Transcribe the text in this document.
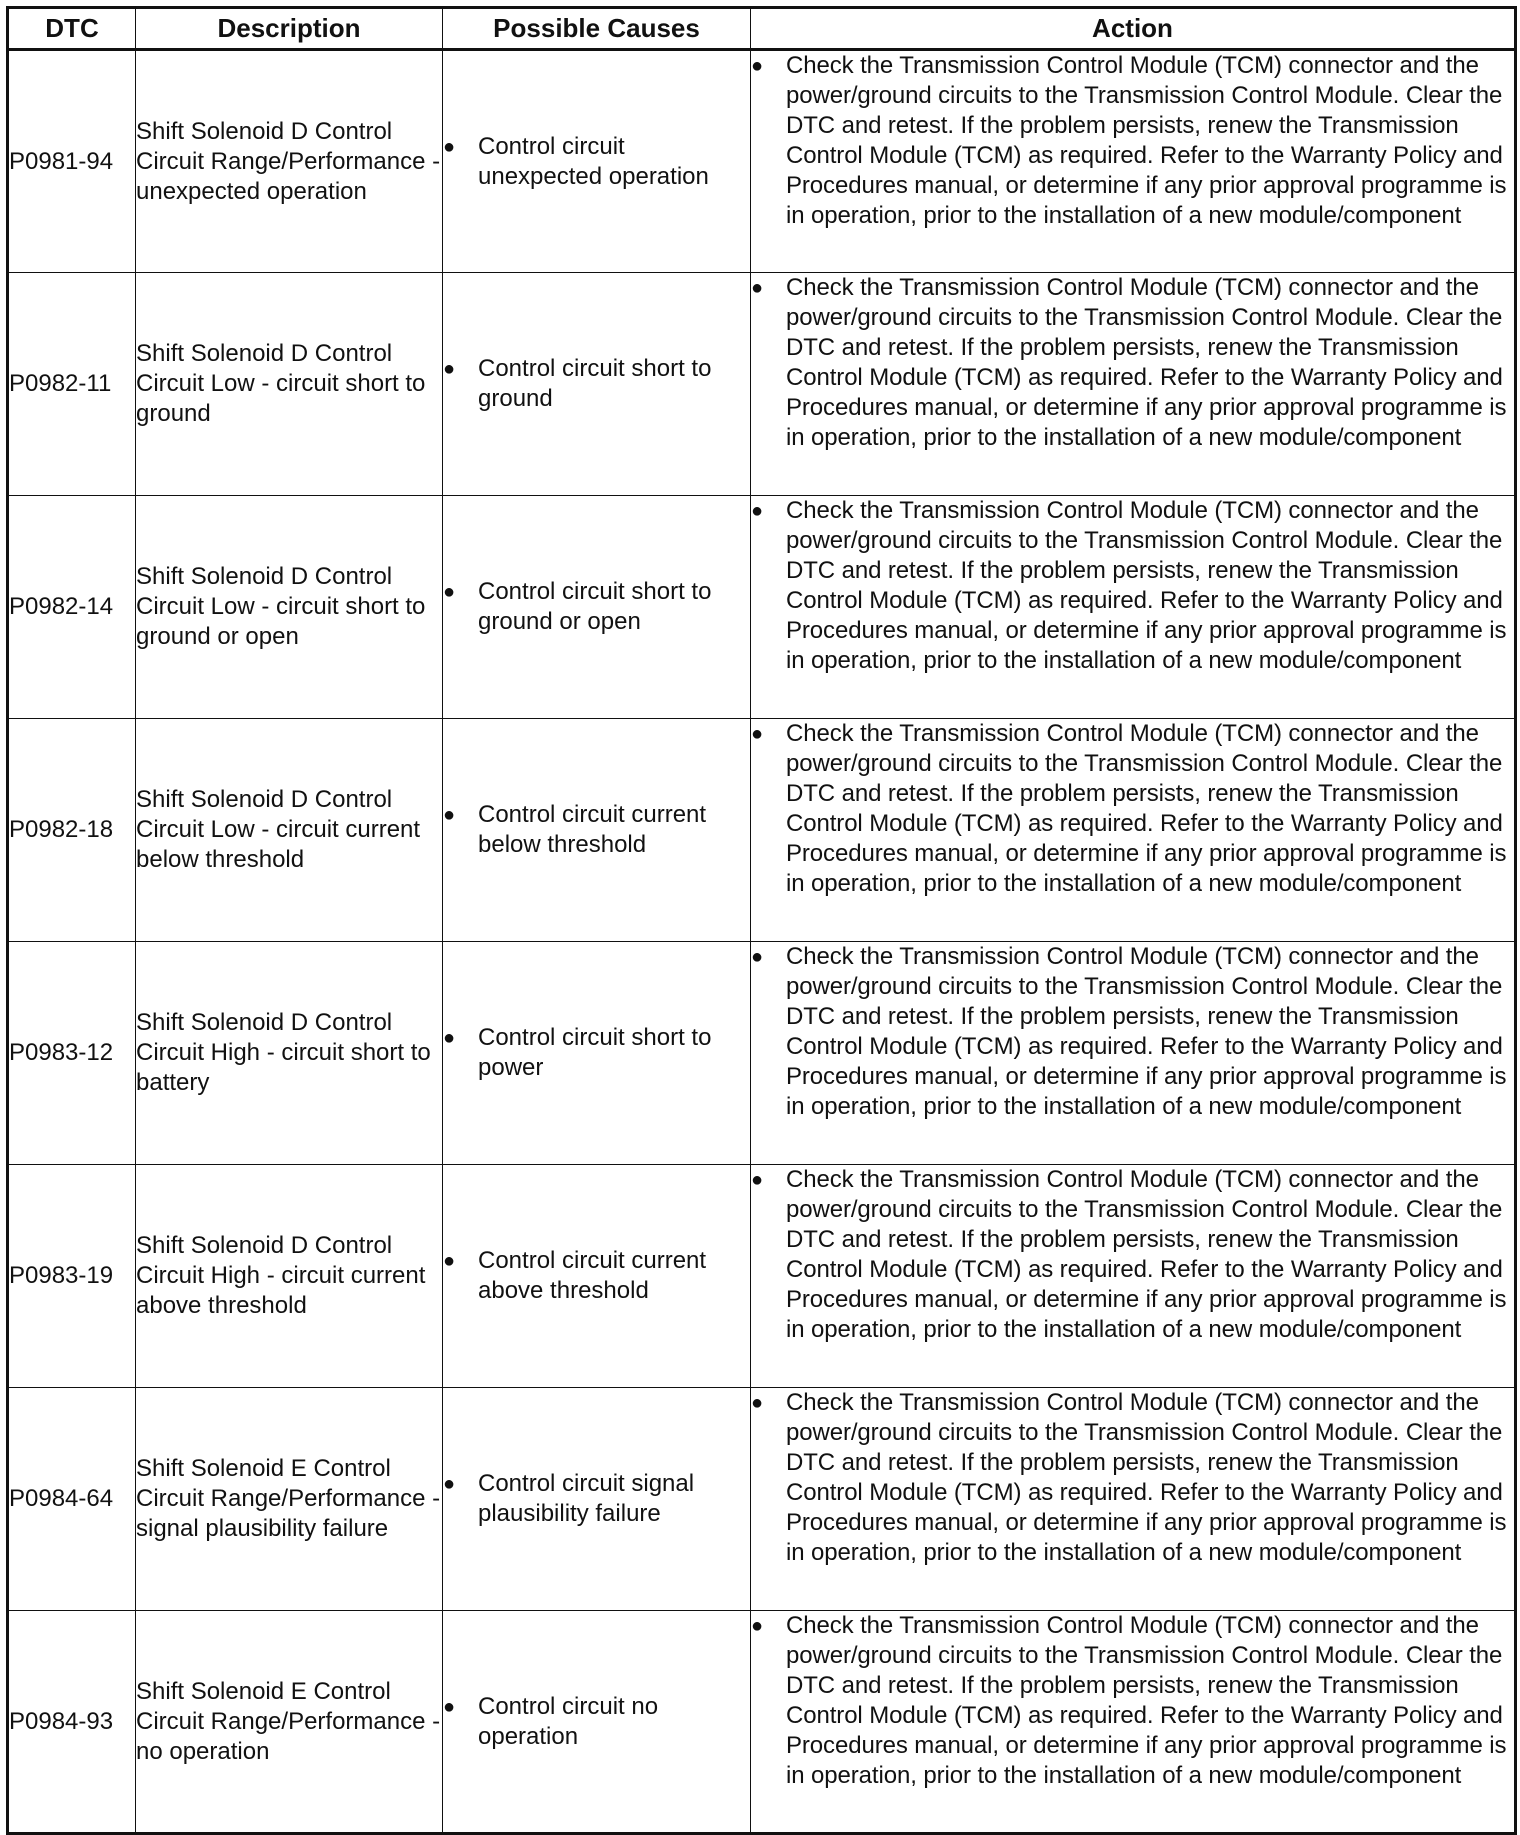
DTC	Description	Possible Causes	Action
P0981-94	Shift Solenoid D Control Circuit Range/Performance - unexpected operation	● Control circuit unexpected operation	● Check the Transmission Control Module (TCM) connector and the power/ground circuits to the Transmission Control Module. Clear the DTC and retest. If the problem persists, renew the Transmission Control Module (TCM) as required. Refer to the Warranty Policy and Procedures manual, or determine if any prior approval programme is in operation, prior to the installation of a new module/component

P0982-11	Shift Solenoid D Control Circuit Low - circuit short to ground	● Control circuit short to ground	● Check the Transmission Control Module (TCM) connector and the power/ground circuits to the Transmission Control Module. Clear the DTC and retest. If the problem persists, renew the Transmission Control Module (TCM) as required. Refer to the Warranty Policy and Procedures manual, or determine if any prior approval programme is in operation, prior to the installation of a new module/component

P0982-14	Shift Solenoid D Control Circuit Low - circuit short to ground or open	● Control circuit short to ground or open	● Check the Transmission Control Module (TCM) connector and the power/ground circuits to the Transmission Control Module. Clear the DTC and retest. If the problem persists, renew the Transmission Control Module (TCM) as required. Refer to the Warranty Policy and Procedures manual, or determine if any prior approval programme is in operation, prior to the installation of a new module/component

P0982-18	Shift Solenoid D Control Circuit Low - circuit current below threshold	● Control circuit current below threshold	● Check the Transmission Control Module (TCM) connector and the power/ground circuits to the Transmission Control Module. Clear the DTC and retest. If the problem persists, renew the Transmission Control Module (TCM) as required. Refer to the Warranty Policy and Procedures manual, or determine if any prior approval programme is in operation, prior to the installation of a new module/component

P0983-12	Shift Solenoid D Control Circuit High - circuit short to battery	● Control circuit short to power	● Check the Transmission Control Module (TCM) connector and the power/ground circuits to the Transmission Control Module. Clear the DTC and retest. If the problem persists, renew the Transmission Control Module (TCM) as required. Refer to the Warranty Policy and Procedures manual, or determine if any prior approval programme is in operation, prior to the installation of a new module/component

P0983-19	Shift Solenoid D Control Circuit High - circuit current above threshold	● Control circuit current above threshold	● Check the Transmission Control Module (TCM) connector and the power/ground circuits to the Transmission Control Module. Clear the DTC and retest. If the problem persists, renew the Transmission Control Module (TCM) as required. Refer to the Warranty Policy and Procedures manual, or determine if any prior approval programme is in operation, prior to the installation of a new module/component

P0984-64	Shift Solenoid E Control Circuit Range/Performance - signal plausibility failure	● Control circuit signal plausibility failure	● Check the Transmission Control Module (TCM) connector and the power/ground circuits to the Transmission Control Module. Clear the DTC and retest. If the problem persists, renew the Transmission Control Module (TCM) as required. Refer to the Warranty Policy and Procedures manual, or determine if any prior approval programme is in operation, prior to the installation of a new module/component

P0984-93	Shift Solenoid E Control Circuit Range/Performance - no operation	● Control circuit no operation	● Check the Transmission Control Module (TCM) connector and the power/ground circuits to the Transmission Control Module. Clear the DTC and retest. If the problem persists, renew the Transmission Control Module (TCM) as required. Refer to the Warranty Policy and Procedures manual, or determine if any prior approval programme is in operation, prior to the installation of a new module/component
